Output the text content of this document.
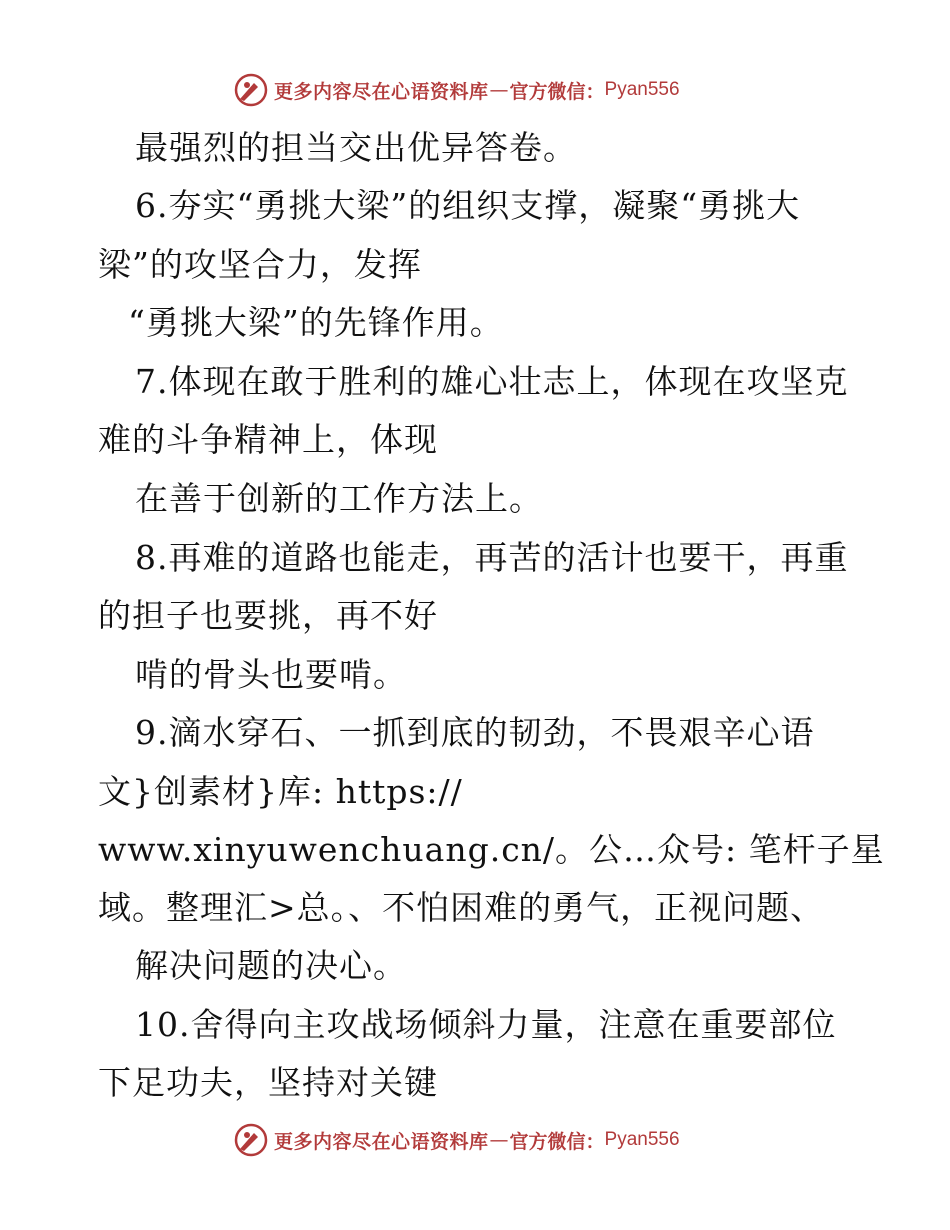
更多内容尽在心语资料库 — 官方微信： Pyan556
最强烈的担当交出优异答卷。
6.夯实“勇挑大梁”的组织支撑，凝聚“勇挑大
梁”的攻坚合力，发挥
“勇挑大梁”的先锋作用。
7.体现在敢于胜利的雄心壮志上，体现在攻坚克
难的斗争精神上，体现
在善于创新的工作方法上。
8.再难的道路也能走，再苦的活计也要干，再重
的担子也要挑，再不好
啃的骨头也要啃。
9.滴水穿石、一抓到底的韧劲，不畏艰辛心语
文}创素材}库: https://
www.xinyuwenchuang.cn/。公…众号: 笔杆子星
域。整理汇>总。、不怕困难的勇气，正视问题、
解决问题的决心。
10.舍得向主攻战场倾斜力量，注意在重要部位
下足功夫，坚持对关键
更多内容尽在心语资料库 — 官方微信： Pyan556
